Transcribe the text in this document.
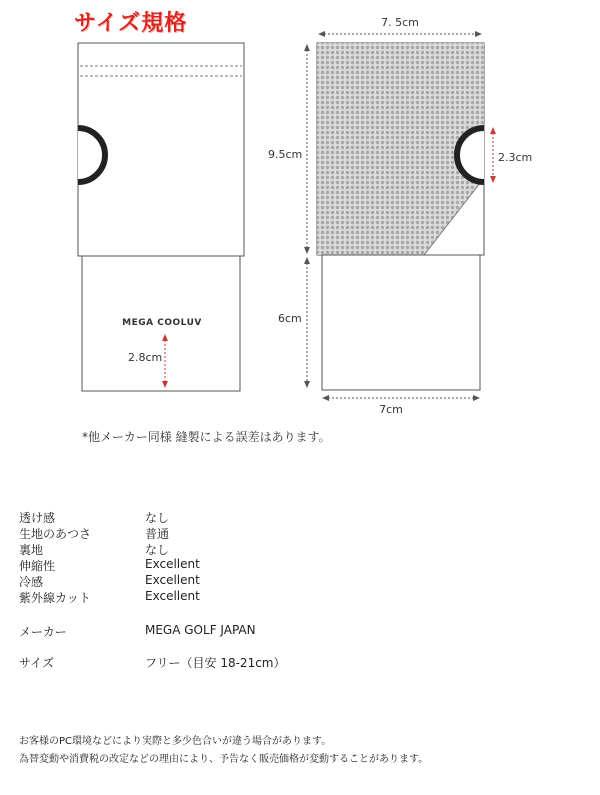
サイズ規格
MEGA COOLUV
2.8cm
7. 5cm
2.3cm
9.5cm
6cm
7cm
*他メーカー同様 縫製による誤差はあります。
透け感	なし
生地のあつさ	普通
裏地	なし
伸縮性	Excellent
冷感	Excellent
紫外線カット	Excellent
メーカー	MEGA GOLF JAPAN
サイズ	フリー（目安 18-21cm）
お客様のPC環境などにより実際と多少色合いが違う場合があります。
為替変動や消費税の改定などの理由により、予告なく販売価格が変動することがあります。
